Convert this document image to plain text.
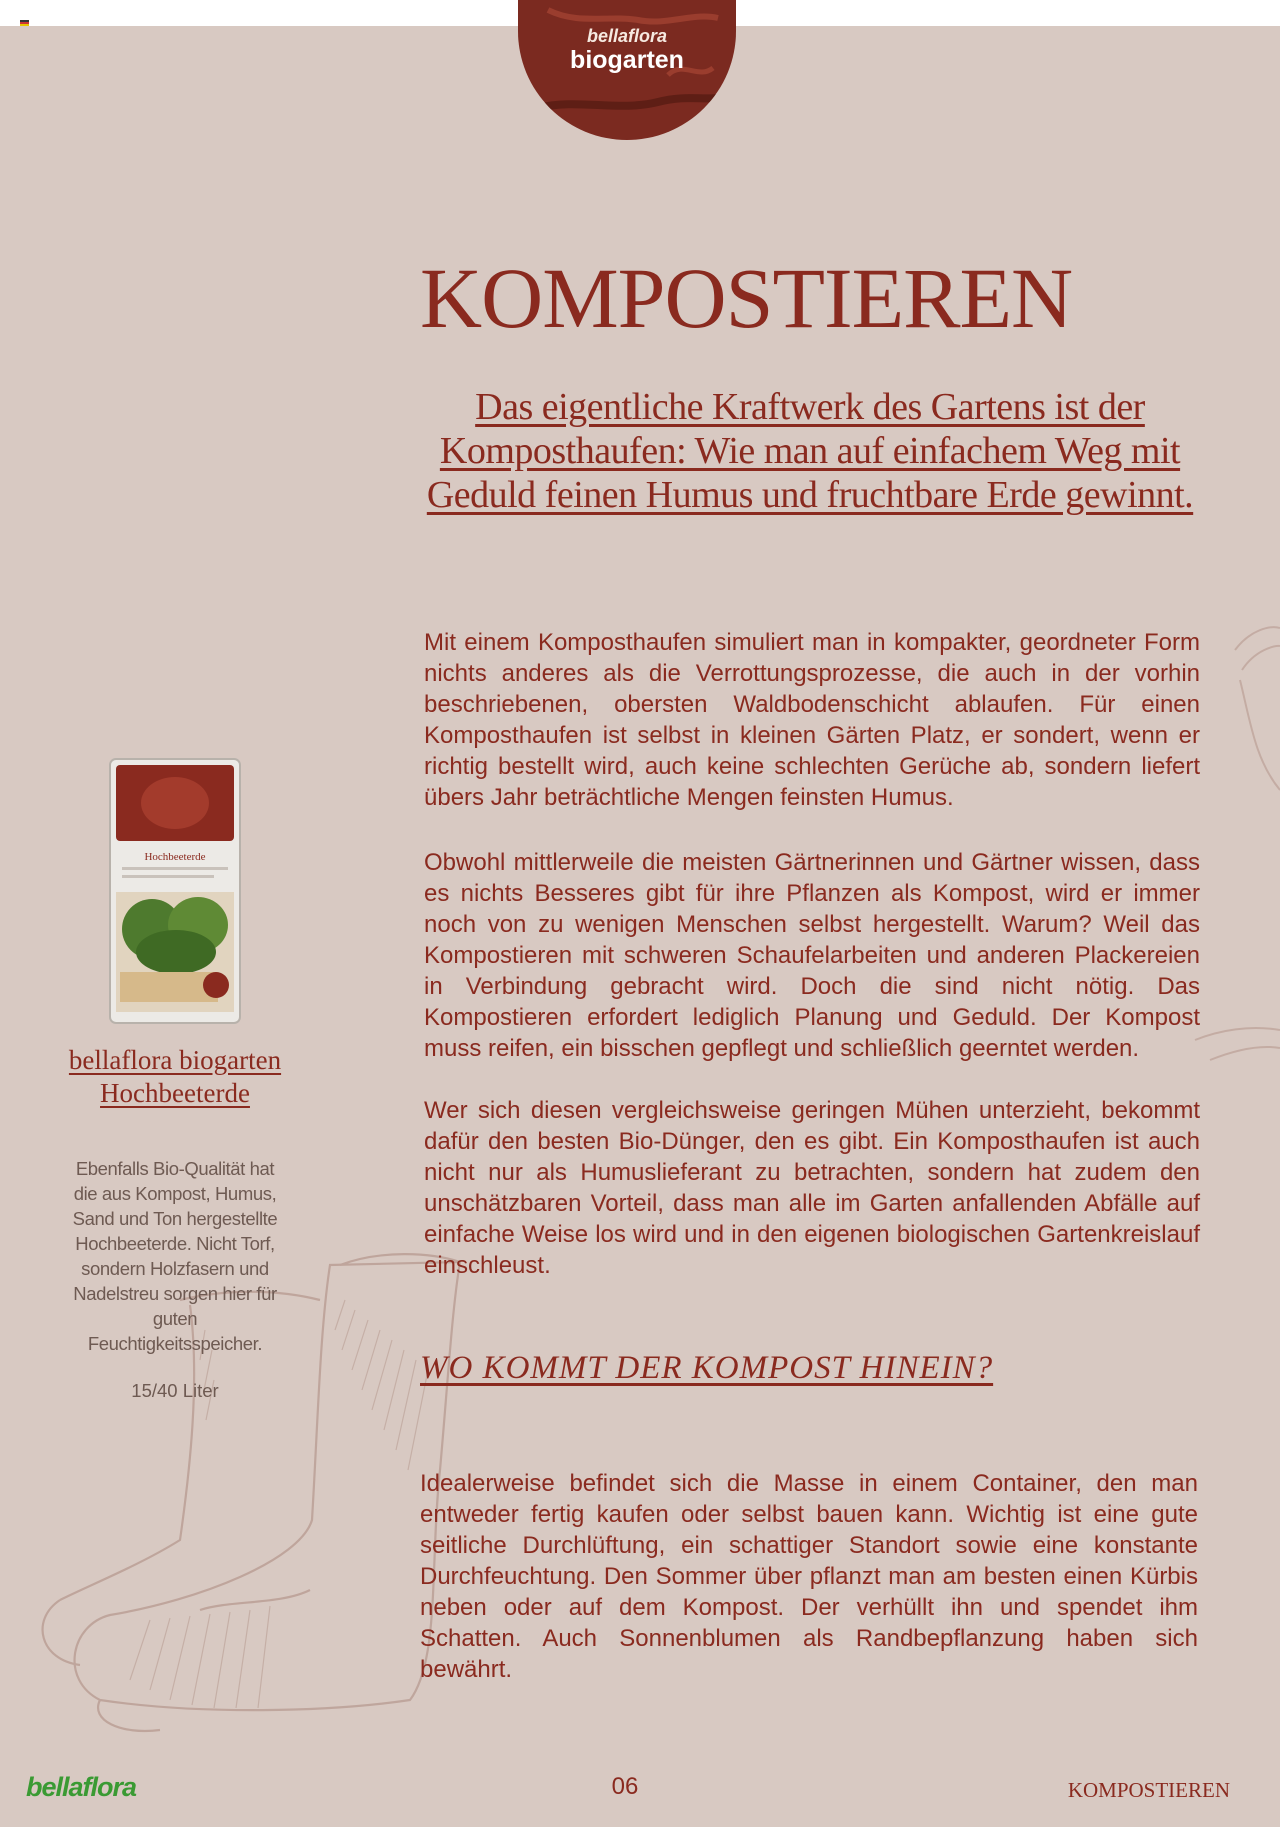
bellaflora
biogarten
KOMPOSTIEREN

Das eigentliche Kraftwerk des Gartens ist der Komposthaufen: Wie man auf einfachem Weg mit Geduld feinen Humus und fruchtbare Erde gewinnt.

Mit einem Komposthaufen simuliert man in kompakter, geordneter Form nichts anderes als die Verrottungsprozesse, die auch in der vorhin beschriebenen, obersten Waldbodenschicht ablaufen. Für einen Komposthaufen ist selbst in kleinen Gärten Platz, er sondert, wenn er richtig bestellt wird, auch keine schlechten Gerüche ab, sondern liefert übers Jahr beträchtliche Mengen feinsten Humus.

Obwohl mittlerweile die meisten Gärtnerinnen und Gärtner wissen, dass es nichts Besseres gibt für ihre Pflanzen als Kompost, wird er immer noch von zu wenigen Menschen selbst hergestellt. Warum? Weil das Kompostieren mit schweren Schaufelarbeiten und anderen Plackereien in Verbindung gebracht wird. Doch die sind nicht nötig. Das Kompostieren erfordert lediglich Planung und Geduld. Der Kompost muss reifen, ein bisschen gepflegt und schließlich geerntet werden.

Wer sich diesen vergleichsweise geringen Mühen unterzieht, bekommt dafür den besten Bio-Dünger, den es gibt. Ein Komposthaufen ist auch nicht nur als Humuslieferant zu betrachten, sondern hat zudem den unschätzbaren Vorteil, dass man alle im Garten anfallenden Abfälle auf einfache Weise los wird und in den eigenen biologischen Gartenkreislauf einschleust.

WO KOMMT DER KOMPOST HINEIN?

Idealerweise befindet sich die Masse in einem Container, den man entweder fertig kaufen oder selbst bauen kann. Wichtig ist eine gute seitliche Durchlüftung, ein schattiger Standort sowie eine konstante Durchfeuchtung. Den Sommer über pflanzt man am besten einen Kürbis neben oder auf dem Kompost. Der verhüllt ihn und spendet ihm Schatten. Auch Sonnenblumen als Randbepflanzung haben sich bewährt.

Hochbeeterde

bellaflora biogarten Hochbeeterde

Ebenfalls Bio-Qualität hat die aus Kompost, Humus, Sand und Ton hergestellte Hochbeeterde. Nicht Torf, sondern Holzfasern und Nadelstreu sorgen hier für guten Feuchtigkeitsspeicher.

15/40 Liter
bellaflora	06	KOMPOSTIEREN
